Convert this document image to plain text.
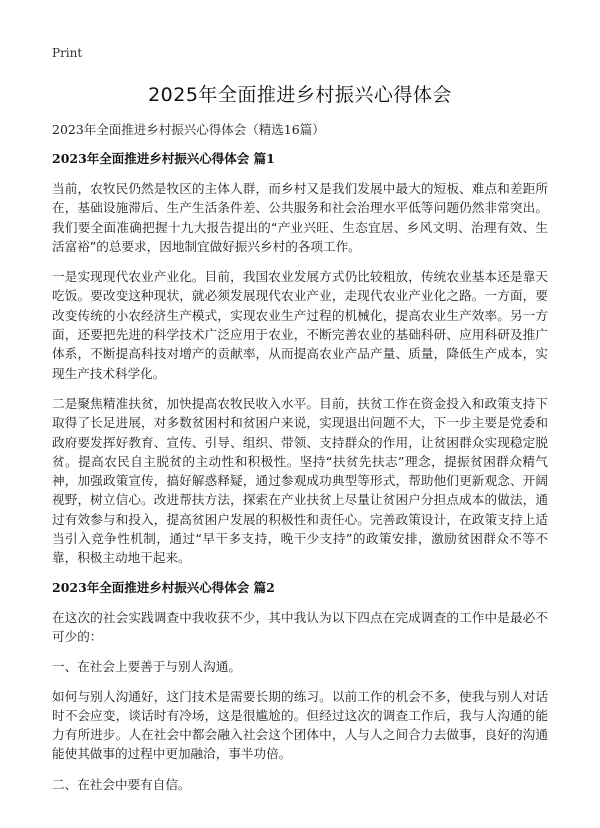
Print
2025年全面推进乡村振兴心得体会
2023年全面推进乡村振兴心得体会（精选16篇）
2023年全面推进乡村振兴心得体会 篇1

当前，农牧民仍然是牧区的主体人群，而乡村又是我们发展中最大的短板、难点和差距所在，基础设施滞后、生产生活条件差、公共服务和社会治理水平低等问题仍然非常突出。我们要全面准确把握十九大报告提出的“产业兴旺、生态宜居、乡风文明、治理有效、生活富裕”的总要求，因地制宜做好振兴乡村的各项工作。

一是实现现代农业产业化。目前，我国农业发展方式仍比较粗放，传统农业基本还是靠天吃饭。要改变这种现状，就必须发展现代农业产业，走现代农业产业化之路。一方面，要改变传统的小农经济生产模式，实现农业生产过程的机械化，提高农业生产效率。另一方面，还要把先进的科学技术广泛应用于农业，不断完善农业的基础科研、应用科研及推广体系，不断提高科技对增产的贡献率，从而提高农业产品产量、质量，降低生产成本，实现生产技术科学化。

二是聚焦精准扶贫，加快提高农牧民收入水平。目前，扶贫工作在资金投入和政策支持下取得了长足进展，对多数贫困村和贫困户来说，实现退出问题不大，下一步主要是党委和政府要发挥好教育、宣传、引导、组织、带领、支持群众的作用，让贫困群众实现稳定脱贫。提高农民自主脱贫的主动性和积极性。坚持“扶贫先扶志”理念，提振贫困群众精气神，加强政策宣传，搞好解惑释疑，通过参观成功典型等形式，帮助他们更新观念、开阔视野，树立信心。改进帮扶方法，探索在产业扶贫上尽量让贫困户分担点成本的做法，通过有效参与和投入，提高贫困户发展的积极性和责任心。完善政策设计，在政策支持上适当引入竞争性机制，通过“早干多支持，晚干少支持”的政策安排，激励贫困群众不等不靠，积极主动地干起来。

2023年全面推进乡村振兴心得体会 篇2

在这次的社会实践调查中我收获不少，其中我认为以下四点在完成调查的工作中是最必不可少的：

一、在社会上要善于与别人沟通。

如何与别人沟通好，这门技术是需要长期的练习。以前工作的机会不多，使我与别人对话时不会应变，谈话时有冷场，这是很尴尬的。但经过这次的调查工作后，我与人沟通的能力有所进步。人在社会中都会融入社会这个团体中，人与人之间合力去做事，良好的沟通能使其做事的过程中更加融洽，事半功倍。

二、在社会中要有自信。
